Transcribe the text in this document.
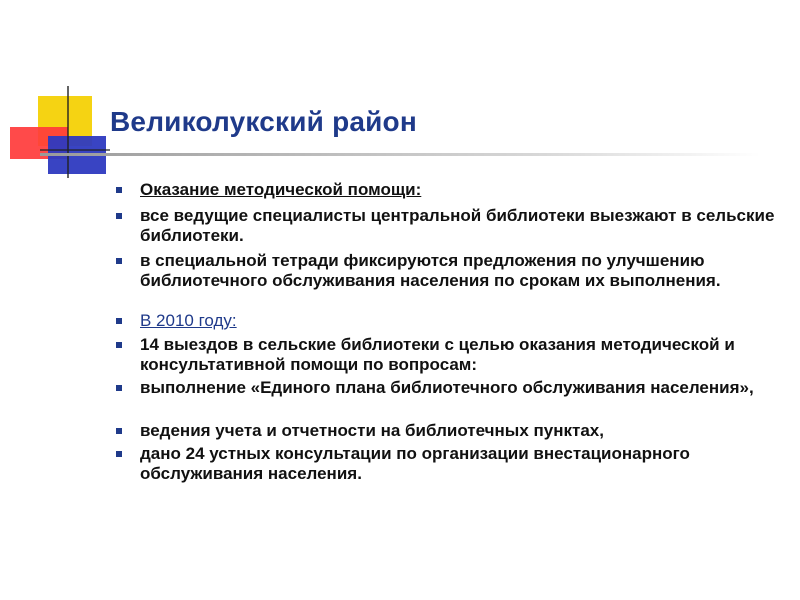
Великолукский район
Оказание методической помощи:
все ведущие специалисты центральной библиотеки выезжают в сельские библиотеки.
в специальной тетради фиксируются предложения по улучшению библиотечного обслуживания населения по срокам их выполнения.
В 2010 году:
14 выездов в сельские библиотеки с целью оказания методической и консультативной помощи по вопросам:
выполнение «Единого плана библиотечного обслуживания населения»,
ведения учета и отчетности на библиотечных пунктах,
дано 24 устных консультации по организации внестационарного обслуживания населения.
